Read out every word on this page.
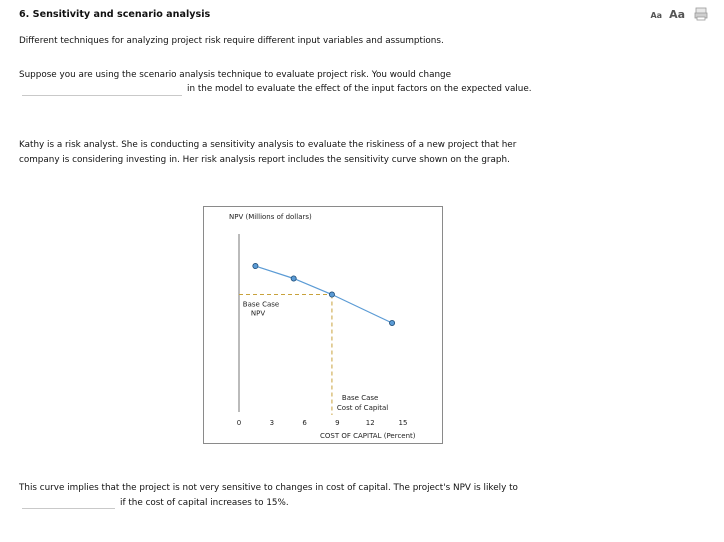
6. Sensitivity and scenario analysis	Aa Aa
Different techniques for analyzing project risk require different input variables and assumptions.
Suppose you are using the scenario analysis technique to evaluate project risk. You would change
in the model to evaluate the effect of the input factors on the expected value.
Kathy is a risk analyst. She is conducting a sensitivity analysis to evaluate the riskiness of a new project that her
company is considering investing in. Her risk analysis report includes the sensitivity curve shown on the graph.
NPV (Millions of dollars)
0	3	6	9	12	15
Base Case
NPV
Base Case
Cost of Capital
COST OF CAPITAL (Percent)
This curve implies that the project is not very sensitive to changes in cost of capital. The project's NPV is likely to
if the cost of capital increases to 15%.
